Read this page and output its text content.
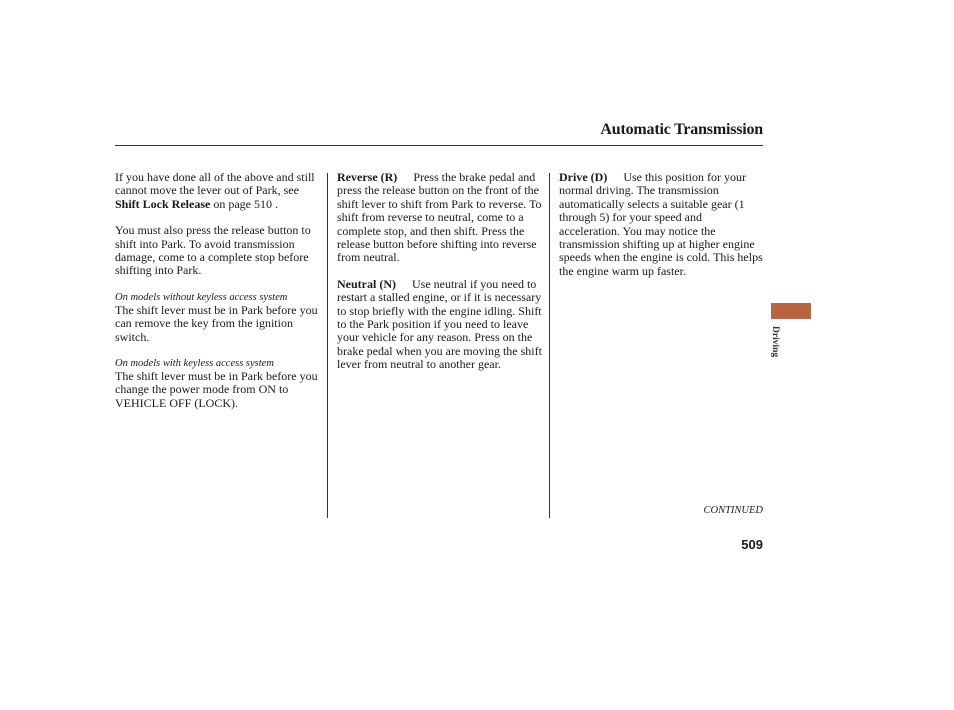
Automatic Transmission

If you have done all of the above and still cannot move the lever out of Park, see Shift Lock Release on page 510 .

You must also press the release button to shift into Park. To avoid transmission damage, come to a complete stop before shifting into Park.

On models without keyless access system
The shift lever must be in Park before you can remove the key from the ignition switch.

On models with keyless access system
The shift lever must be in Park before you change the power mode from ON to VEHICLE OFF (LOCK).

Reverse (R) Press the brake pedal and press the release button on the front of the shift lever to shift from Park to reverse. To shift from reverse to neutral, come to a complete stop, and then shift. Press the release button before shifting into reverse from neutral.

Neutral (N) Use neutral if you need to restart a stalled engine, or if it is necessary to stop briefly with the engine idling. Shift to the Park position if you need to leave your vehicle for any reason. Press on the brake pedal when you are moving the shift lever from neutral to another gear.

Drive (D) Use this position for your normal driving. The transmission automatically selects a suitable gear (1 through 5) for your speed and acceleration. You may notice the transmission shifting up at higher engine speeds when the engine is cold. This helps the engine warm up faster.

Driving
CONTINUED
509
